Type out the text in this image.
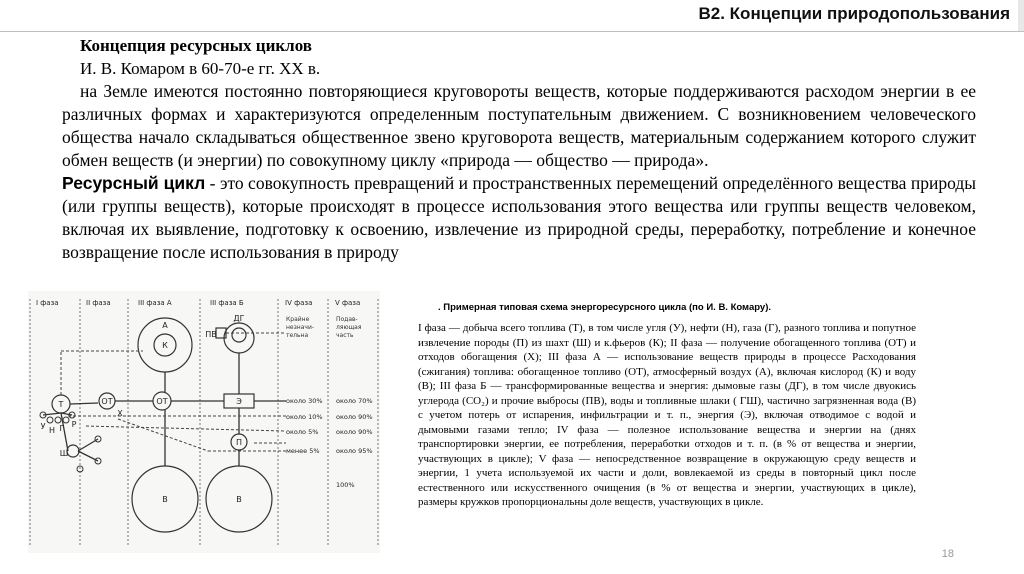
В2. Концепции природопользования
Концепция ресурсных циклов
И. В. Комаром в 60-70-е гг. ХХ в.

на Земле имеются постоянно повторяющиеся круговороты веществ, которые поддерживаются расходом энергии в ее различных формах и характеризуются определенным поступательным движением. С возникновением человеческого общества начало складываться общественное звено круговорота веществ, материальным содержанием которого служит обмен веществ (и энергии) по совокупному циклу «природа — общество — природа».

Ресурсный цикл - это совокупность превращений и пространственных перемещений определённого вещества природы (или группы веществ), которые происходят в процессе использования этого вещества или группы веществ человеком, включая их выявление, подготовку к освоению, извлечение из природной среды, переработку, потребление и конечное возвращение после использования в природу

I фаза	II фаза	III фаза А	III фаза Б	IV фаза	V фаза
Крайне незначи-тельна
Подав-ляющая часть
Т	ОТ	ОТ
К
А
Э
П
В	В
ПВ
ДГ
Ш
Х
У Н Г Р
около 30% около 70%
около 10% около 90%
около 5%	около 90%
менее 5%	около 95%
100%
. Примерная типовая схема энергоресурсного цикла (по И. В. Комару).

I фаза — добыча всего топлива (Т), в том числе угля (У), нефти (Н), газа (Г), разного топлива и попутное извлечение породы (П) из шахт (Ш) и к.фьеров (К); II фаза — получение обогащенного топлива (ОТ) и отходов обогащения (Х); III фаза А — использование веществ природы в процессе Расходования (сжигания) топлива: обогащенное топливо (ОТ), атмосферный воздух (А), включая кислород (К) и воду (В); III фаза Б — трансформированные вещества и энергия: дымовые газы (ДГ), в том числе двуокись углерода (CO₂) и прочие выбросы (ПВ), воды и топливные шлаки ( ГШ), частично загрязненная вода (В) с учетом потерь от испарения, инфильтрации и т. п., энергия (Э), включая отводимое с водой и дымовыми газами тепло; IV фаза — полезное использование вещества и энергии на (днях транспортировки энергии, ее потребления, переработки отходов и т. п. (в % от вещества и энергии, участвующих в цикле); V фаза — непосредственное возвращение в окружающую среду веществ и энергии, 1 учета используемой их части и доли, вовлекаемой из среды в повторный цикл после естественного или искусственного очищения (в % от вещества и энергии, участвующих в цикле), размеры кружков пропорциональны доле веществ, участвующих в цикле.

18
